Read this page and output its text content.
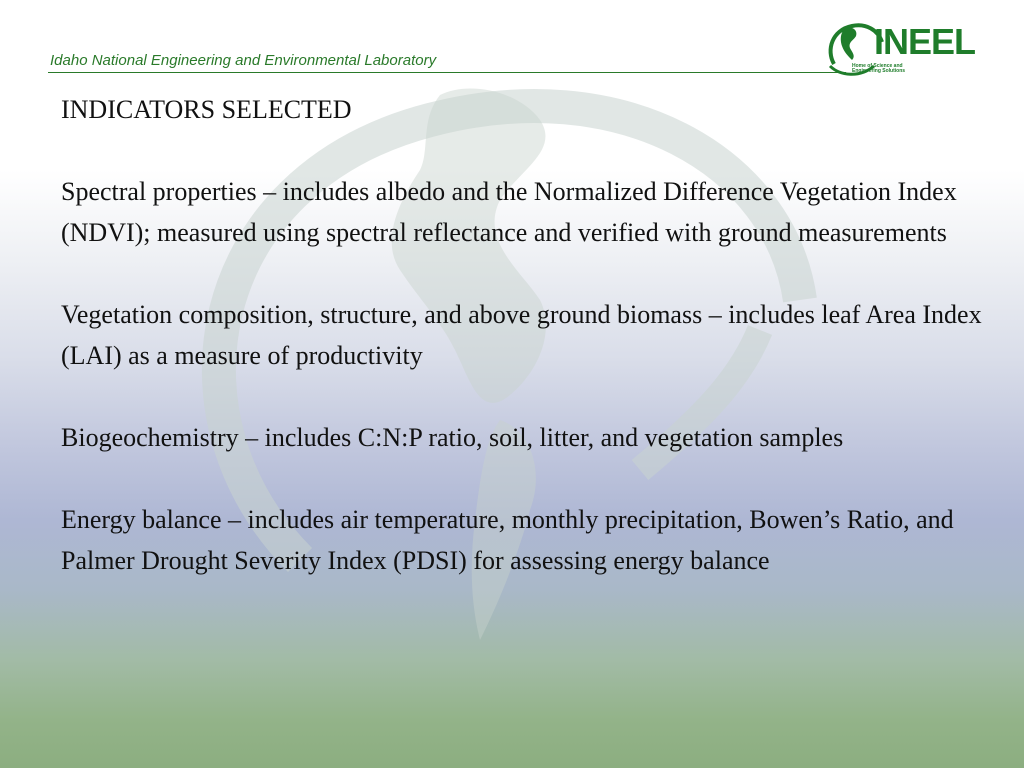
Idaho National Engineering and Environmental Laboratory	INEEL
Home of Science and Engineering Solutions
INDICATORS SELECTED

Spectral properties – includes albedo and the Normalized Difference Vegetation Index (NDVI); measured using spectral reflectance and verified with ground measurements

Vegetation composition, structure, and above ground biomass – includes leaf Area Index (LAI) as a measure of productivity

Biogeochemistry – includes C:N:P ratio, soil, litter, and vegetation samples

Energy balance – includes air temperature, monthly precipitation, Bowen’s Ratio, and Palmer Drought Severity Index (PDSI) for assessing energy balance
